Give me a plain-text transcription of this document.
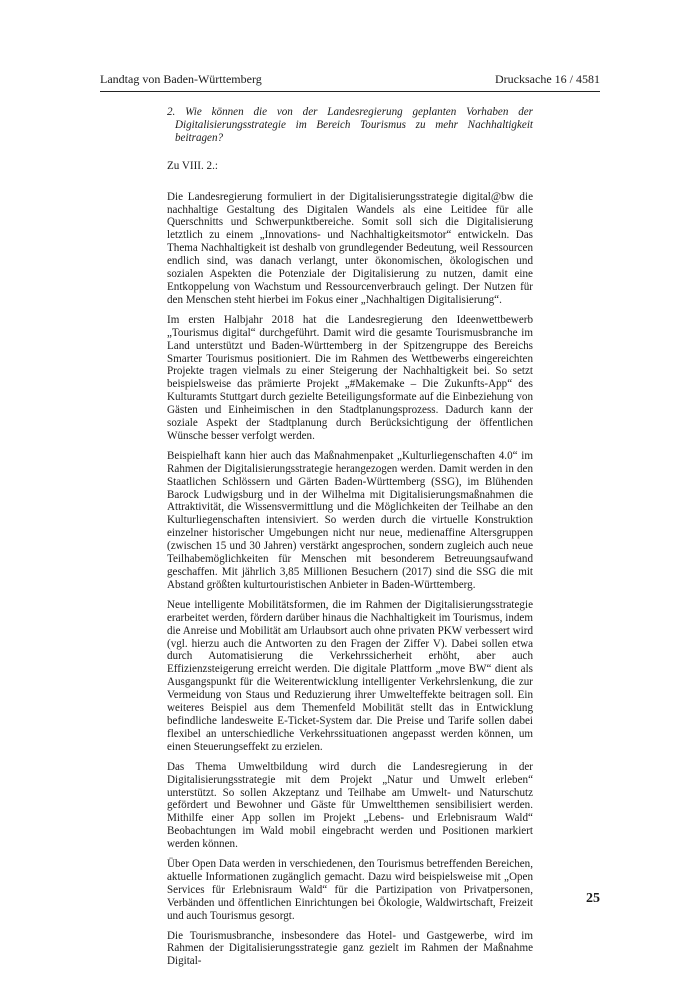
Landtag von Baden-Württemberg	Drucksache 16 / 4581

2. Wie können die von der Landesregierung geplanten Vorhaben der Digitalisierungsstrategie im Bereich Tourismus zu mehr Nachhaltigkeit beitragen?

Zu VIII. 2.:

Die Landesregierung formuliert in der Digitalisierungsstrategie digital@bw die nachhaltige Gestaltung des Digitalen Wandels als eine Leitidee für alle Querschnitts und Schwerpunktbereiche. Somit soll sich die Digitalisierung letztlich zu einem „Innovations- und Nachhaltigkeitsmotor“ entwickeln. Das Thema Nachhaltigkeit ist deshalb von grundlegender Bedeutung, weil Ressourcen endlich sind, was danach verlangt, unter ökonomischen, ökologischen und sozialen Aspekten die Potenziale der Digitalisierung zu nutzen, damit eine Entkoppelung von Wachstum und Ressourcenverbrauch gelingt. Der Nutzen für den Menschen steht hierbei im Fokus einer „Nachhaltigen Digitalisierung“.

Im ersten Halbjahr 2018 hat die Landesregierung den Ideenwettbewerb „Tourismus digital“ durchgeführt. Damit wird die gesamte Tourismusbranche im Land unterstützt und Baden-Württemberg in der Spitzengruppe des Bereichs Smarter Tourismus positioniert. Die im Rahmen des Wettbewerbs eingereichten Projekte tragen vielmals zu einer Steigerung der Nachhaltigkeit bei. So setzt beispielsweise das prämierte Projekt „#Makemake – Die Zukunfts-App“ des Kulturamts Stuttgart durch gezielte Beteiligungsformate auf die Einbeziehung von Gästen und Einheimischen in den Stadtplanungsprozess. Dadurch kann der soziale Aspekt der Stadtplanung durch Berücksichtigung der öffentlichen Wünsche besser verfolgt werden.

Beispielhaft kann hier auch das Maßnahmenpaket „Kulturliegenschaften 4.0“ im Rahmen der Digitalisierungsstrategie herangezogen werden. Damit werden in den Staatlichen Schlössern und Gärten Baden-Württemberg (SSG), im Blühenden Barock Ludwigsburg und in der Wilhelma mit Digitalisierungsmaßnahmen die Attraktivität, die Wissensvermittlung und die Möglichkeiten der Teilhabe an den Kulturliegenschaften intensiviert. So werden durch die virtuelle Konstruktion einzelner historischer Umgebungen nicht nur neue, medienaffine Altersgruppen (zwischen 15 und 30 Jahren) verstärkt angesprochen, sondern zugleich auch neue Teilhabemöglichkeiten für Menschen mit besonderem Betreuungsaufwand geschaffen. Mit jährlich 3,85 Millionen Besuchern (2017) sind die SSG die mit Abstand größten kulturtouristischen Anbieter in Baden-Württemberg.

Neue intelligente Mobilitätsformen, die im Rahmen der Digitalisierungsstrategie erarbeitet werden, fördern darüber hinaus die Nachhaltigkeit im Tourismus, indem die Anreise und Mobilität am Urlaubsort auch ohne privaten PKW verbessert wird (vgl. hierzu auch die Antworten zu den Fragen der Ziffer V). Dabei sollen etwa durch Automatisierung die Verkehrssicherheit erhöht, aber auch Effizienzsteigerung erreicht werden. Die digitale Plattform „move BW“ dient als Ausgangspunkt für die Weiterentwicklung intelligenter Verkehrslenkung, die zur Vermeidung von Staus und Reduzierung ihrer Umwelteffekte beitragen soll. Ein weiteres Beispiel aus dem Themenfeld Mobilität stellt das in Entwicklung befindliche landesweite E-Ticket-System dar. Die Preise und Tarife sollen dabei flexibel an unterschiedliche Verkehrssituationen angepasst werden können, um einen Steuerungseffekt zu erzielen.

Das Thema Umweltbildung wird durch die Landesregierung in der Digitalisierungsstrategie mit dem Projekt „Natur und Umwelt erleben“ unterstützt. So sollen Akzeptanz und Teilhabe am Umwelt- und Naturschutz gefördert und Bewohner und Gäste für Umweltthemen sensibilisiert werden. Mithilfe einer App sollen im Projekt „Lebens- und Erlebnisraum Wald“ Beobachtungen im Wald mobil eingebracht werden und Positionen markiert werden können.

Über Open Data werden in verschiedenen, den Tourismus betreffenden Bereichen, aktuelle Informationen zugänglich gemacht. Dazu wird beispielsweise mit „Open Services für Erlebnisraum Wald“ für die Partizipation von Privatpersonen, Verbänden und öffentlichen Einrichtungen bei Ökologie, Waldwirtschaft, Freizeit und auch Tourismus gesorgt.

Die Tourismusbranche, insbesondere das Hotel- und Gastgewerbe, wird im Rahmen der Digitalisierungsstrategie ganz gezielt im Rahmen der Maßnahme Digital-

25
